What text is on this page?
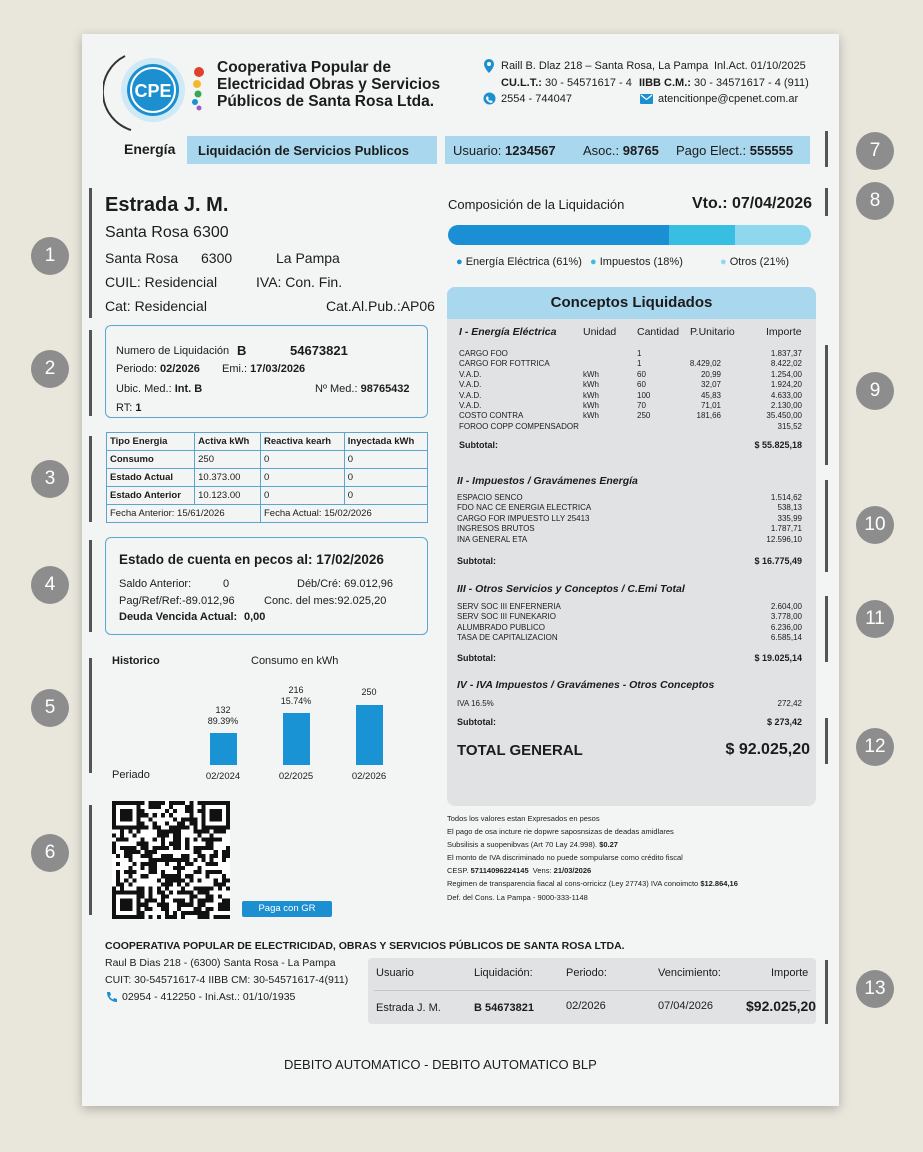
CPE
Cooperativa Popular de
Electricidad Obras y Servicios
Públicos de Santa Rosa Ltda.
Raill B. Dlaz 218 – Santa Rosa, La Pampa Inl.Act. 01/10/2025
CU.L.T.: 30 - 54571617 - 4 IIBB C.M.: 30 - 34571617 - 4 (911)
2554 - 744047	atencitionpe@cpenet.com.ar
Energía	Liquidación de Servicios Publicos	Usuario: 1234567 Asoc.: 98765 Pago Elect.: 555555
Estrada J. M.
Santa Rosa 6300
Santa Rosa 6300	La Pampa
CUIL: Residencial	IVA: Con. Fin.
Cat: Residencial	Cat.Al.Pub.:AP06
Numero de Liquidación B	54673821
Periodo: 02/2026 Emi.: 17/03/2026
Ubic. Med.: Int. B	Nº Med.: 98765432
RT: 1
Tipo Energia	Activa kWh	Reactiva kearh	Inyectada kWh
Consumo	250	0	0
Estado Actual	10.373.00	0	0
Estado Anterior	10.123.00	0	0
Fecha Anterior: 15/61/2026		Fecha Actual: 15/02/2026	
Estado de cuenta en pecos al: 17/02/2026
Saldo Anterior:	0	Déb/Cré: 69.012,96
Pag/Ref/Ref:-89.012,96	Conc. del mes:92.025,20
Deuda Vencida Actual: 0,00
Historico	Consumo en kWh
Periado
132
89.39%
02/2024
216
15.74%
02/2025
250
02/2026
Paga con GR
1
2
3
4
5
6
7
8
9
10
11
12
13
Composición de la Liquidación	Vto.: 07/04/2026
● Energía Eléctrica (61%) ● Impuestos (18%)	● Otros (21%)
Conceptos Liquidados
I - Energía Eléctrica	Unidad Cantidad P.Unitario	Importe
CARGO FOO	1	1.837,37
CARGO FOR FOTTRICA	1	8.429,02	8.422,02
V.A.D.	kWh	60	20,99	1.254,00
V.A.D.	kWh	60	32,07	1.924,20
V.A.D.	kWh	100	45,83	4.633,00
V.A.D.	kWh	70	71,01	2.130,00
COSTO CONTRA	kWh	250	181,66	35.450,00
FOROO COPP COMPENSADOR	315,52
Subtotal:	$ 55.825,18
II - Impuestos / Gravámenes Energía
ESPACIO SENCO	1.514,62
FDO NAC CE ENERGIA ELECTRICA	538,13
CARGO FOR IMPUESTO LLY 25413	335,99
INGRESOS BRUTOS	1.787,71
INA GENERAL ETA	12.596,10
Subtotal:	$ 16.775,49
III - Otros Servicios y Conceptos / C.Emi Total
SERV SOC III ENFERNERIA	2.604,00
SERV SOC III FUNEKARIO	3.778,00
ALUMBRADO PUBLICO	6.236,00
TASA DE CAPITALIZACION	6.585,14
Subtotal:	$ 19.025,14
IV - IVA Impuestos / Gravámenes - Otros Conceptos
IVA 16.5%	272,42
Subtotal:	$ 273,42
TOTAL GENERAL	$ 92.025,20
Todos los valores estan Expresados en pesos
El pago de osa incture rie dopwre saposnsizas de deadas amidlares
Subsilisis a suopenibvas (Art 70 Lay 24.998). $0.27
El monto de IVA discriminado no puede sompularse como crédito fiscal
CESP. 57114096224145 Vens: 21/03/2026
Regimen de transparencia fiacal al cons-orricicz (Ley 27743) IVA conoimcto $12.864,16
Def. del Cons. La Pampa - 9000-333-1148
COOPERATIVA POPULAR DE ELECTRICIDAD, OBRAS Y SERVICIOS PÚBLICOS DE SANTA ROSA LTDA.
Raul B Dias 218 - (6300) Santa Rosa - La Pampa
CUIT: 30-54571617-4 IIBB CM: 30-54571617-4(911)
02954 - 412250 - Ini.Ast.: 01/10/1935
Usuario	Liquidación:	Periodo:	Vencimiento:	Importe
Estrada J. M.	B 54673821	02/2026	07/04/2026 $92.025,20
DEBITO AUTOMATICO - DEBITO AUTOMATICO BLP
